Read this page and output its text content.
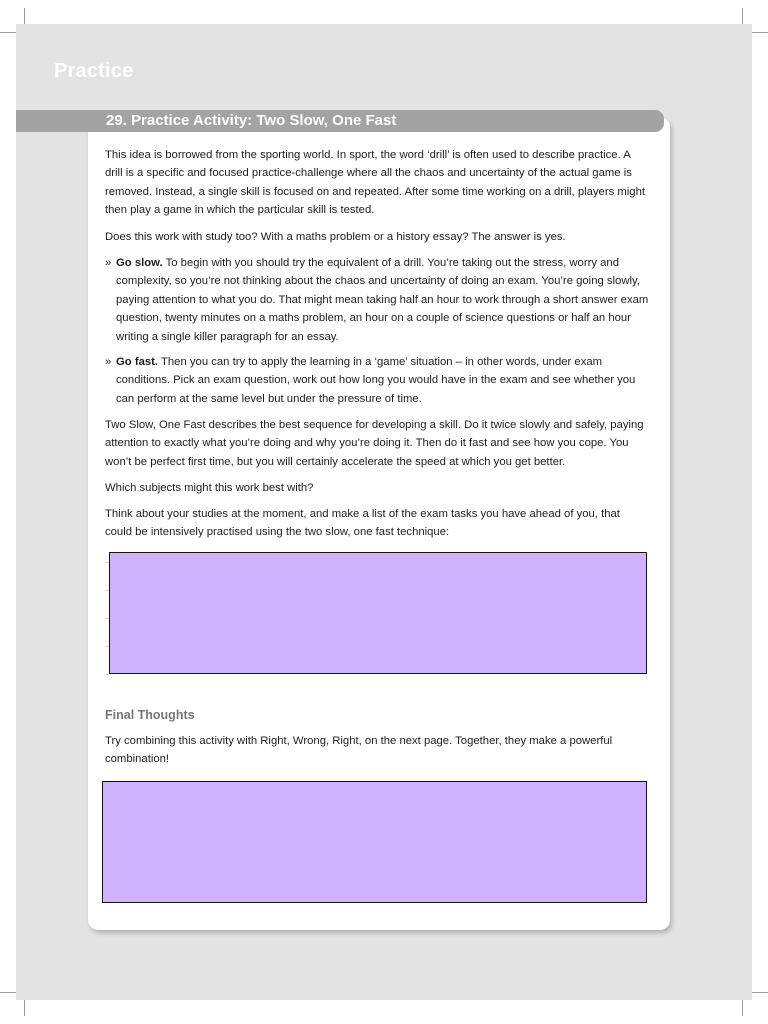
Practice
29. Practice Activity: Two Slow, One Fast

This idea is borrowed from the sporting world. In sport, the word ‘drill’ is often used to describe practice. A drill is a specific and focused practice-challenge where all the chaos and uncertainty of the actual game is removed. Instead, a single skill is focused on and repeated. After some time working on a drill, players might then play a game in which the particular skill is tested.

Does this work with study too? With a maths problem or a history essay? The answer is yes.

» Go slow. To begin with you should try the equivalent of a drill. You’re taking out the stress, worry and complexity, so you’re not thinking about the chaos and uncertainty of doing an exam. You’re going slowly, paying attention to what you do. That might mean taking half an hour to work through a short answer exam question, twenty minutes on a maths problem, an hour on a couple of science questions or half an hour writing a single killer paragraph for an essay.
» Go fast. Then you can try to apply the learning in a ‘game’ situation – in other words, under exam conditions. Pick an exam question, work out how long you would have in the exam and see whether you can perform at the same level but under the pressure of time.

Two Slow, One Fast describes the best sequence for developing a skill. Do it twice slowly and safely, paying attention to exactly what you’re doing and why you’re doing it. Then do it fast and see how you cope. You won’t be perfect first time, but you will certainly accelerate the speed at which you get better.

Which subjects might this work best with?

Think about your studies at the moment, and make a list of the exam tasks you have ahead of you, that could be intensively practised using the two slow, one fast technique:

Final Thoughts

Try combining this activity with Right, Wrong, Right, on the next page. Together, they make a powerful combination!
